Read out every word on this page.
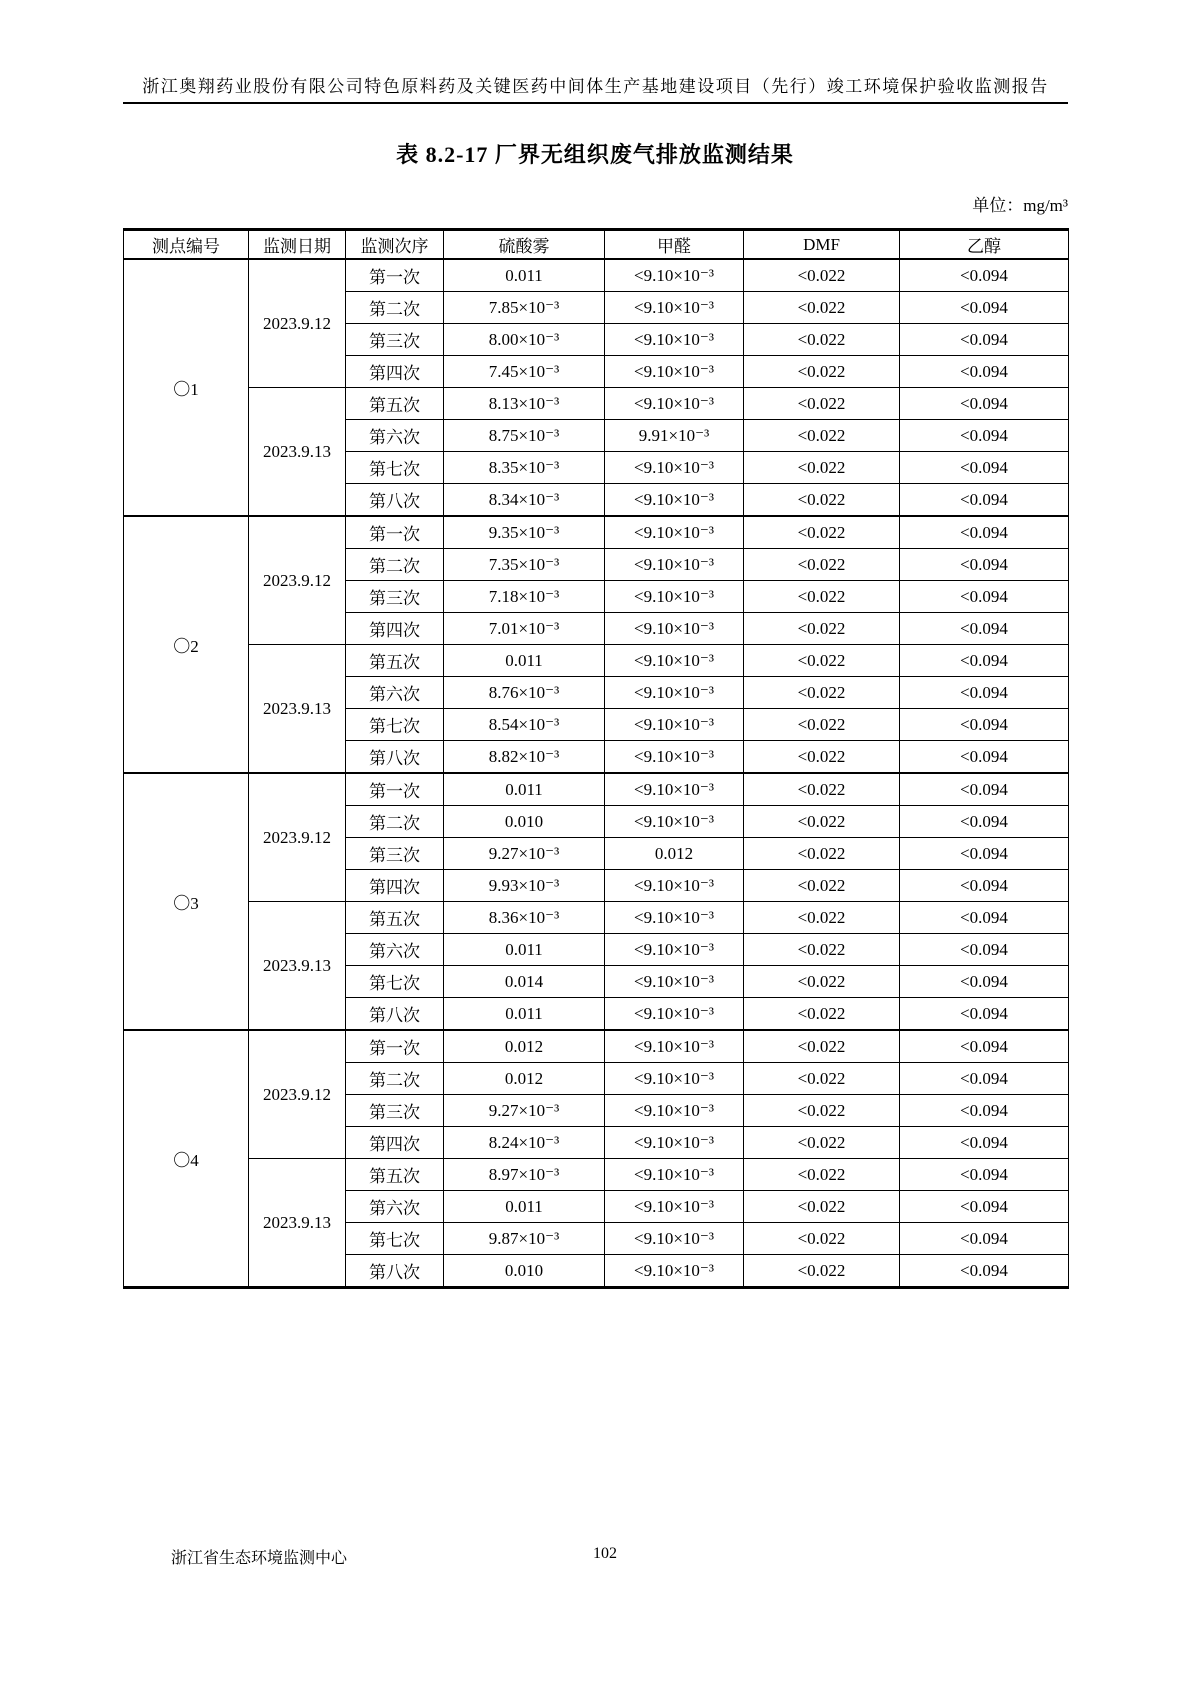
浙江奥翔药业股份有限公司特色原料药及关键医药中间体生产基地建设项目（先行）竣工环境保护验收监测报告
表 8.2-17 厂界无组织废气排放监测结果
单位：mg/m³
测点编号	监测日期	监测次序	硫酸雾	甲醛	DMF	乙醇
〇1	2023.9.12	第一次	0.011	<9.10×10⁻³	<0.022	<0.094
		第二次	7.85×10⁻³	<9.10×10⁻³	<0.022	<0.094
		第三次	8.00×10⁻³	<9.10×10⁻³	<0.022	<0.094
		第四次	7.45×10⁻³	<9.10×10⁻³	<0.022	<0.094
	2023.9.13	第五次	8.13×10⁻³	<9.10×10⁻³	<0.022	<0.094
		第六次	8.75×10⁻³	9.91×10⁻³	<0.022	<0.094
		第七次	8.35×10⁻³	<9.10×10⁻³	<0.022	<0.094
		第八次	8.34×10⁻³	<9.10×10⁻³	<0.022	<0.094
〇2	2023.9.12	第一次	9.35×10⁻³	<9.10×10⁻³	<0.022	<0.094
		第二次	7.35×10⁻³	<9.10×10⁻³	<0.022	<0.094
		第三次	7.18×10⁻³	<9.10×10⁻³	<0.022	<0.094
		第四次	7.01×10⁻³	<9.10×10⁻³	<0.022	<0.094
	2023.9.13	第五次	0.011	<9.10×10⁻³	<0.022	<0.094
		第六次	8.76×10⁻³	<9.10×10⁻³	<0.022	<0.094
		第七次	8.54×10⁻³	<9.10×10⁻³	<0.022	<0.094
		第八次	8.82×10⁻³	<9.10×10⁻³	<0.022	<0.094
〇3	2023.9.12	第一次	0.011	<9.10×10⁻³	<0.022	<0.094
		第二次	0.010	<9.10×10⁻³	<0.022	<0.094
		第三次	9.27×10⁻³	0.012	<0.022	<0.094
		第四次	9.93×10⁻³	<9.10×10⁻³	<0.022	<0.094
	2023.9.13	第五次	8.36×10⁻³	<9.10×10⁻³	<0.022	<0.094
		第六次	0.011	<9.10×10⁻³	<0.022	<0.094
		第七次	0.014	<9.10×10⁻³	<0.022	<0.094
		第八次	0.011	<9.10×10⁻³	<0.022	<0.094
〇4	2023.9.12	第一次	0.012	<9.10×10⁻³	<0.022	<0.094
		第二次	0.012	<9.10×10⁻³	<0.022	<0.094
		第三次	9.27×10⁻³	<9.10×10⁻³	<0.022	<0.094
		第四次	8.24×10⁻³	<9.10×10⁻³	<0.022	<0.094
	2023.9.13	第五次	8.97×10⁻³	<9.10×10⁻³	<0.022	<0.094
		第六次	0.011	<9.10×10⁻³	<0.022	<0.094
		第七次	9.87×10⁻³	<9.10×10⁻³	<0.022	<0.094
		第八次	0.010	<9.10×10⁻³	<0.022	<0.094
浙江省生态环境监测中心	102
